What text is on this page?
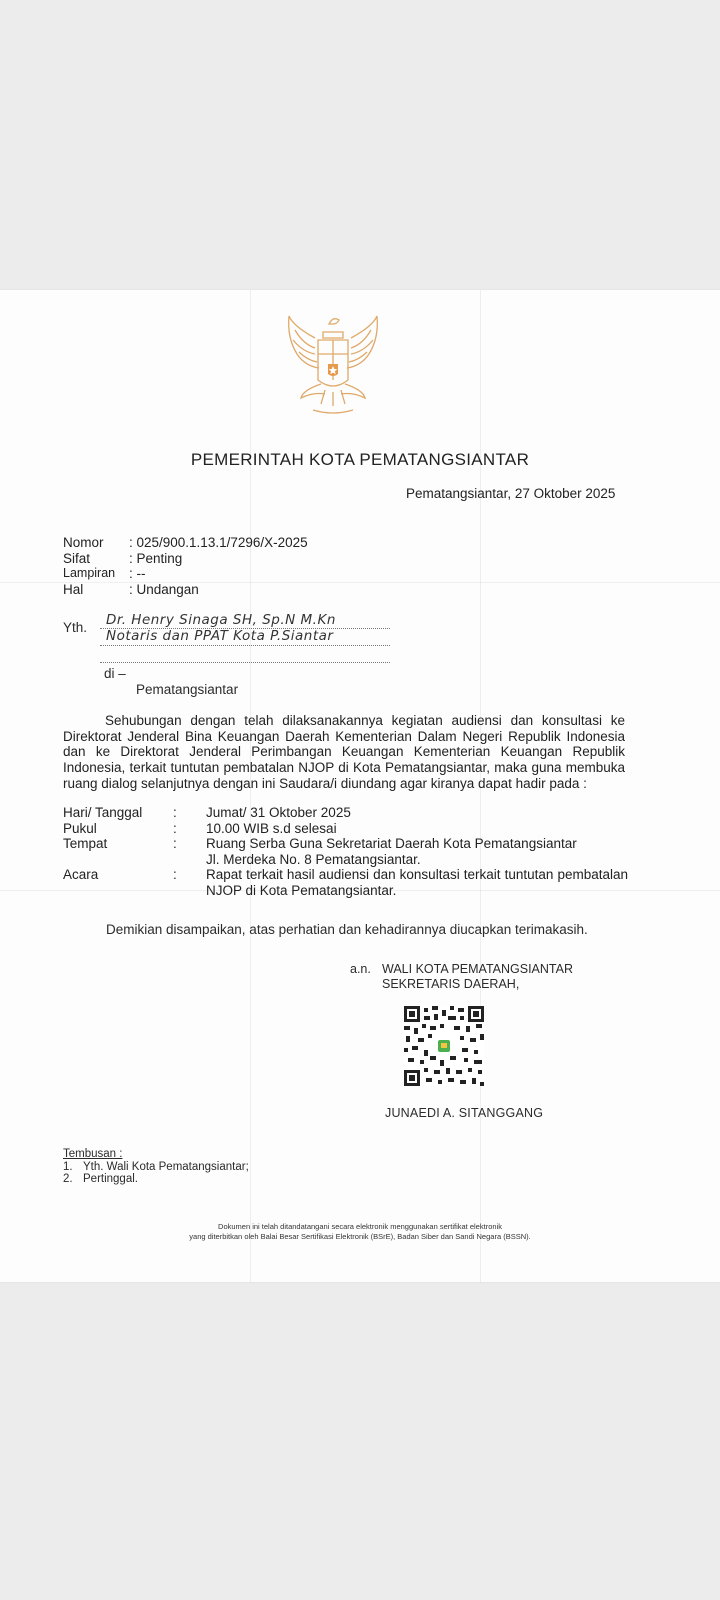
PEMERINTAH KOTA PEMATANGSIANTAR
Pematangsiantar, 27 Oktober 2025
Nomor	: 025/900.1.13.1/7296/X-2025
Sifat	: Penting
Lampiran	: --
Hal	: Undangan
Yth. Dr. Henry Sinaga SH, Sp.N M.Kn
Notaris dan PPAT Kota P.Siantar
di –
Pematangsiantar
Sehubungan dengan telah dilaksanakannya kegiatan audiensi dan konsultasi ke Direktorat Jenderal Bina Keuangan Daerah Kementerian Dalam Negeri Republik Indonesia dan ke Direktorat Jenderal Perimbangan Keuangan Kementerian Keuangan Republik Indonesia, terkait tuntutan pembatalan NJOP di Kota Pematangsiantar, maka guna membuka ruang dialog selanjutnya dengan ini Saudara/i diundang agar kiranya dapat hadir pada :
Hari/ Tanggal	:	Jumat/ 31 Oktober 2025
Pukul	:	10.00 WIB s.d selesai
Tempat	:	Ruang Serba Guna Sekretariat Daerah Kota Pematangsiantar
Jl. Merdeka No. 8 Pematangsiantar.
Acara	:	Rapat terkait hasil audiensi dan konsultasi terkait tuntutan pembatalan NJOP di Kota Pematangsiantar.
Demikian disampaikan, atas perhatian dan kehadirannya diucapkan terimakasih.
a.n. WALI KOTA PEMATANGSIANTAR
SEKRETARIS DAERAH,
JUNAEDI A. SITANGGANG
Tembusan :
1. Yth. Wali Kota Pematangsiantar;
2. Pertinggal.
Dokumen ini telah ditandatangani secara elektronik menggunakan sertifikat elektronik
yang diterbitkan oleh Balai Besar Sertifikasi Elektronik (BSrE), Badan Siber dan Sandi Negara (BSSN).
